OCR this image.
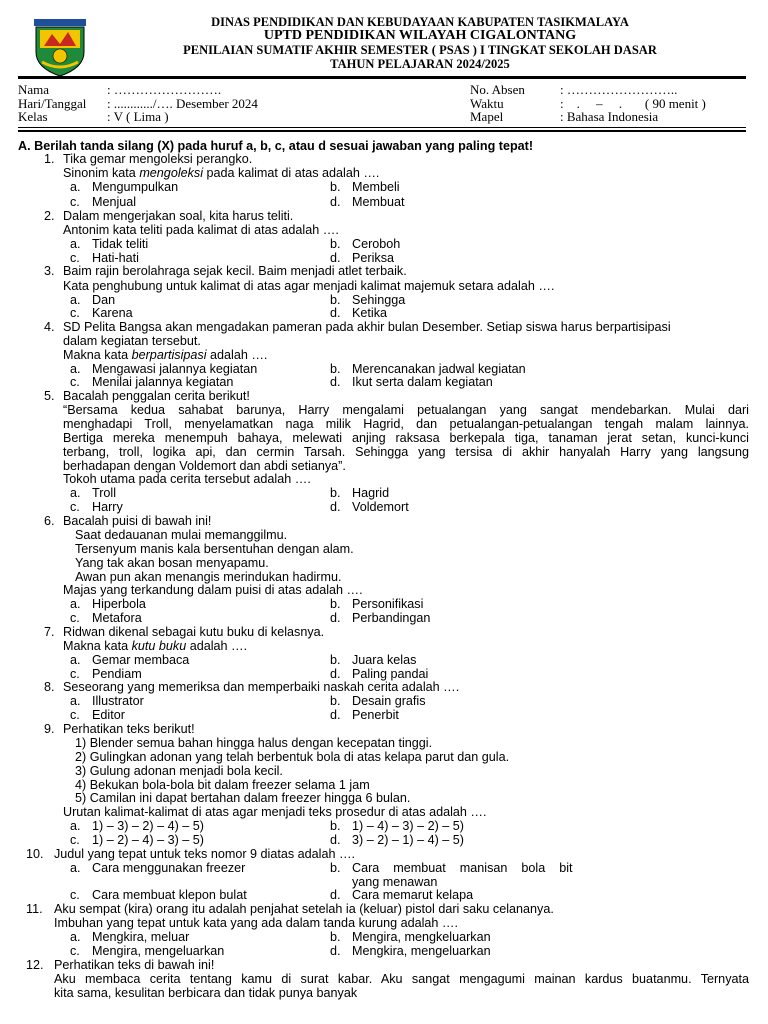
DINAS PENDIDIKAN DAN KEBUDAYAAN KABUPATEN TASIKMALAYA
UPTD PENDIDIKAN WILAYAH CIGALONTANG
PENILAIAN SUMATIF AKHIR SEMESTER ( PSAS ) I TINGKAT SEKOLAH DASAR
TAHUN PELAJARAN 2024/2025
Nama	: …………………….
Hari/Tanggal : ............/…. Desember 2024
Kelas	: V ( Lima )
No. Absen	: ……………………..
Waktu	:    .     –     .       ( 90 menit )
Mapel	: Bahasa Indonesia
A. Berilah tanda silang (X) pada huruf a, b, c, atau d sesuai jawaban yang paling tepat!
1. Tika gemar mengoleksi perangko.
Sinonim kata mengoleksi pada kalimat di atas adalah ….
a. Mengumpulkan	b. Membeli
c. Menjual	d. Membuat
2. Dalam mengerjakan soal, kita harus teliti.
Antonim kata teliti pada kalimat di atas adalah ….
a. Tidak teliti	b. Ceroboh
c. Hati-hati	d. Periksa
3. Baim rajin berolahraga sejak kecil. Baim menjadi atlet terbaik.
Kata penghubung untuk kalimat di atas agar menjadi kalimat majemuk setara adalah ….
a. Dan	b. Sehingga
c. Karena	d. Ketika
4. SD Pelita Bangsa akan mengadakan pameran pada akhir bulan Desember. Setiap siswa harus berpartisipasi
dalam kegiatan tersebut.
Makna kata berpartisipasi adalah ….
a. Mengawasi jalannya kegiatan	b. Merencanakan jadwal kegiatan
c. Menilai jalannya kegiatan	d. Ikut serta dalam kegiatan
5. Bacalah penggalan cerita berikut!
“Bersama kedua sahabat barunya, Harry mengalami petualangan yang sangat mendebarkan. Mulai dari
menghadapi Troll, menyelamatkan naga milik Hagrid, dan petualangan-petualangan tengah malam lainnya.
Bertiga mereka menempuh bahaya, melewati anjing raksasa berkepala tiga, tanaman jerat setan, kunci-kunci
terbang, troll, logika api, dan cermin Tarsah. Sehingga yang tersisa di akhir hanyalah Harry yang langsung
berhadapan dengan Voldemort dan abdi setianya”.
Tokoh utama pada cerita tersebut adalah ….
a. Troll	b. Hagrid
c. Harry	d. Voldemort
6. Bacalah puisi di bawah ini!
Saat dedauanan mulai memanggilmu.
Tersenyum manis kala bersentuhan dengan alam.
Yang tak akan bosan menyapamu.
Awan pun akan menangis merindukan hadirmu.
Majas yang terkandung dalam puisi di atas adalah ….
a. Hiperbola	b. Personifikasi
c. Metafora	d. Perbandingan
7. Ridwan dikenal sebagai kutu buku di kelasnya.
Makna kata kutu buku adalah ….
a. Gemar membaca	b. Juara kelas
c. Pendiam	d. Paling pandai
8. Seseorang yang memeriksa dan memperbaiki naskah cerita adalah ….
a. Illustrator	b. Desain grafis
c. Editor	d. Penerbit
9. Perhatikan teks berikut!
1) Blender semua bahan hingga halus dengan kecepatan tinggi.
2) Gulingkan adonan yang telah berbentuk bola di atas kelapa parut dan gula.
3) Gulung adonan menjadi bola kecil.
4) Bekukan bola-bola bit dalam freezer selama 1 jam
5) Camilan ini dapat bertahan dalam freezer hingga 6 bulan.
Urutan kalimat-kalimat di atas agar menjadi teks prosedur di atas adalah ….
a. 1) – 3) – 2) – 4) – 5)	b. 1) – 4) – 3) – 2) – 5)
c. 1) – 2) – 4) – 3) – 5)	d. 3) – 2) – 1) – 4) – 5)
10. Judul yang tepat untuk teks nomor 9 diatas adalah ….
a. Cara menggunakan freezer	b. Cara    membuat    manisan    bola    bit
yang menawan
c. Cara membuat klepon bulat	d. Cara memarut kelapa
11. Aku sempat (kira) orang itu adalah penjahat setelah ia (keluar) pistol dari saku celananya.
Imbuhan yang tepat untuk kata yang ada dalam tanda kurung adalah ….
a. Mengkira, meluar	b. Mengira, mengkeluarkan
c. Mengira, mengeluarkan	d. Mengkira, mengeluarkan
12. Perhatikan teks di bawah ini!
Aku membaca cerita tentang kamu di surat kabar. Aku sangat mengagumi mainan kardus buatanmu. Ternyata
kita sama, kesulitan berbicara dan tidak punya banyak
